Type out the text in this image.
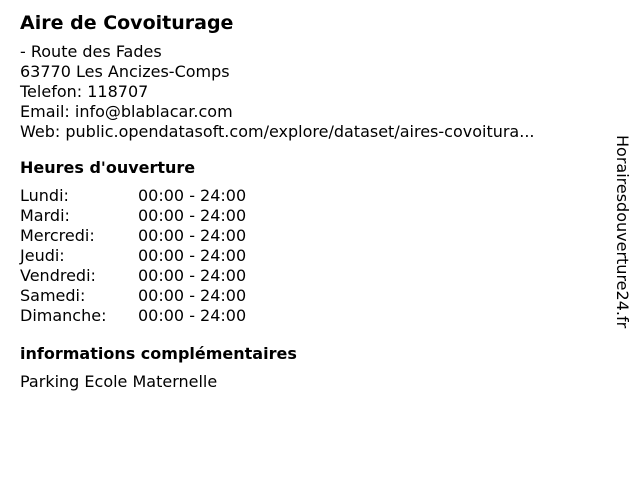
Aire de Covoiturage
- Route des Fades
63770 Les Ancizes-Comps
Telefon: 118707
Email: info@blablacar.com
Web: public.opendatasoft.com/explore/dataset/aires-covoitura...
Heures d'ouverture
Lundi:	00:00 - 24:00
Mardi:	00:00 - 24:00
Mercredi:	00:00 - 24:00
Jeudi:	00:00 - 24:00
Vendredi:	00:00 - 24:00
Samedi:	00:00 - 24:00
Dimanche:	00:00 - 24:00
informations complémentaires
Parking Ecole Maternelle
Horairesdouverture24.fr
